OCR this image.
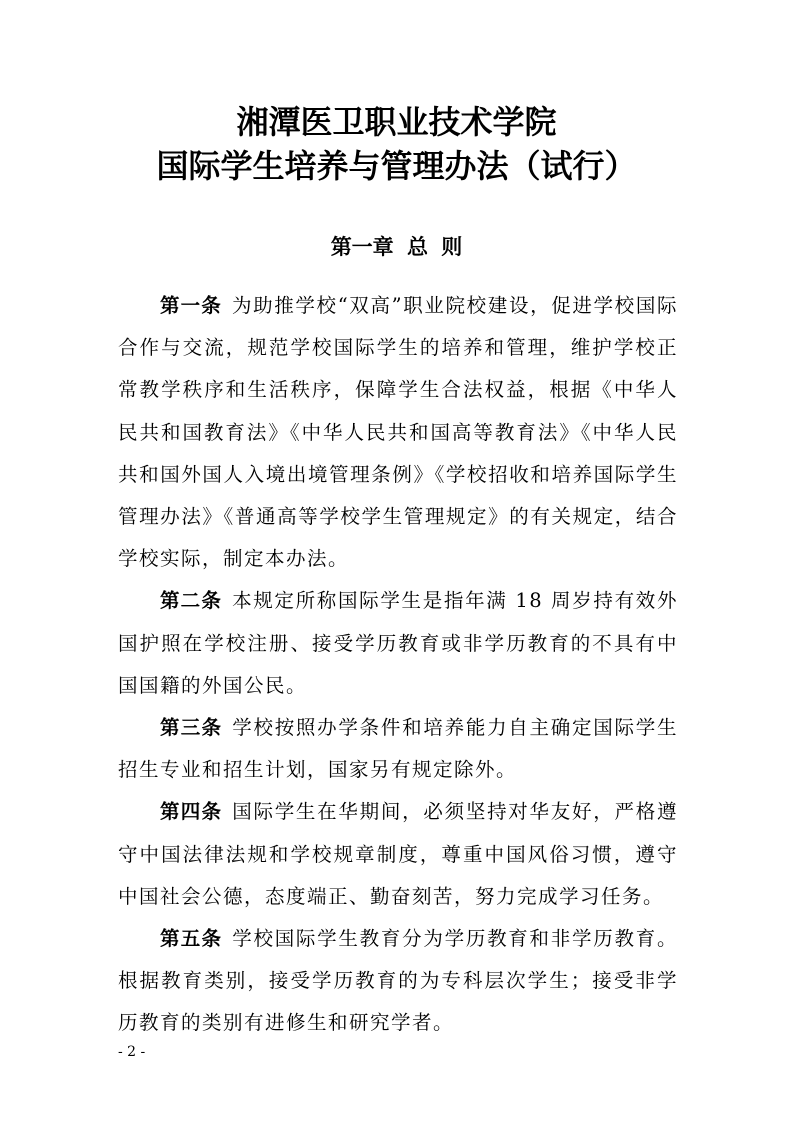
湘潭医卫职业技术学院
国际学生培养与管理办法（试行）
第一章 总 则

第一条 为助推学校“双高”职业院校建设，促进学校国际合作与交流，规范学校国际学生的培养和管理，维护学校正常教学秩序和生活秩序，保障学生合法权益，根据《中华人民共和国教育法》《中华人民共和国高等教育法》《中华人民共和国外国人入境出境管理条例》《学校招收和培养国际学生管理办法》《普通高等学校学生管理规定》的有关规定，结合学校实际，制定本办法。

第二条 本规定所称国际学生是指年满 18 周岁持有效外国护照在学校注册、接受学历教育或非学历教育的不具有中国国籍的外国公民。

第三条 学校按照办学条件和培养能力自主确定国际学生招生专业和招生计划，国家另有规定除外。

第四条 国际学生在华期间，必须坚持对华友好，严格遵守中国法律法规和学校规章制度，尊重中国风俗习惯，遵守中国社会公德，态度端正、勤奋刻苦，努力完成学习任务。

第五条 学校国际学生教育分为学历教育和非学历教育。根据教育类别，接受学历教育的为专科层次学生；接受非学历教育的类别有进修生和研究学者。

- 2 -
